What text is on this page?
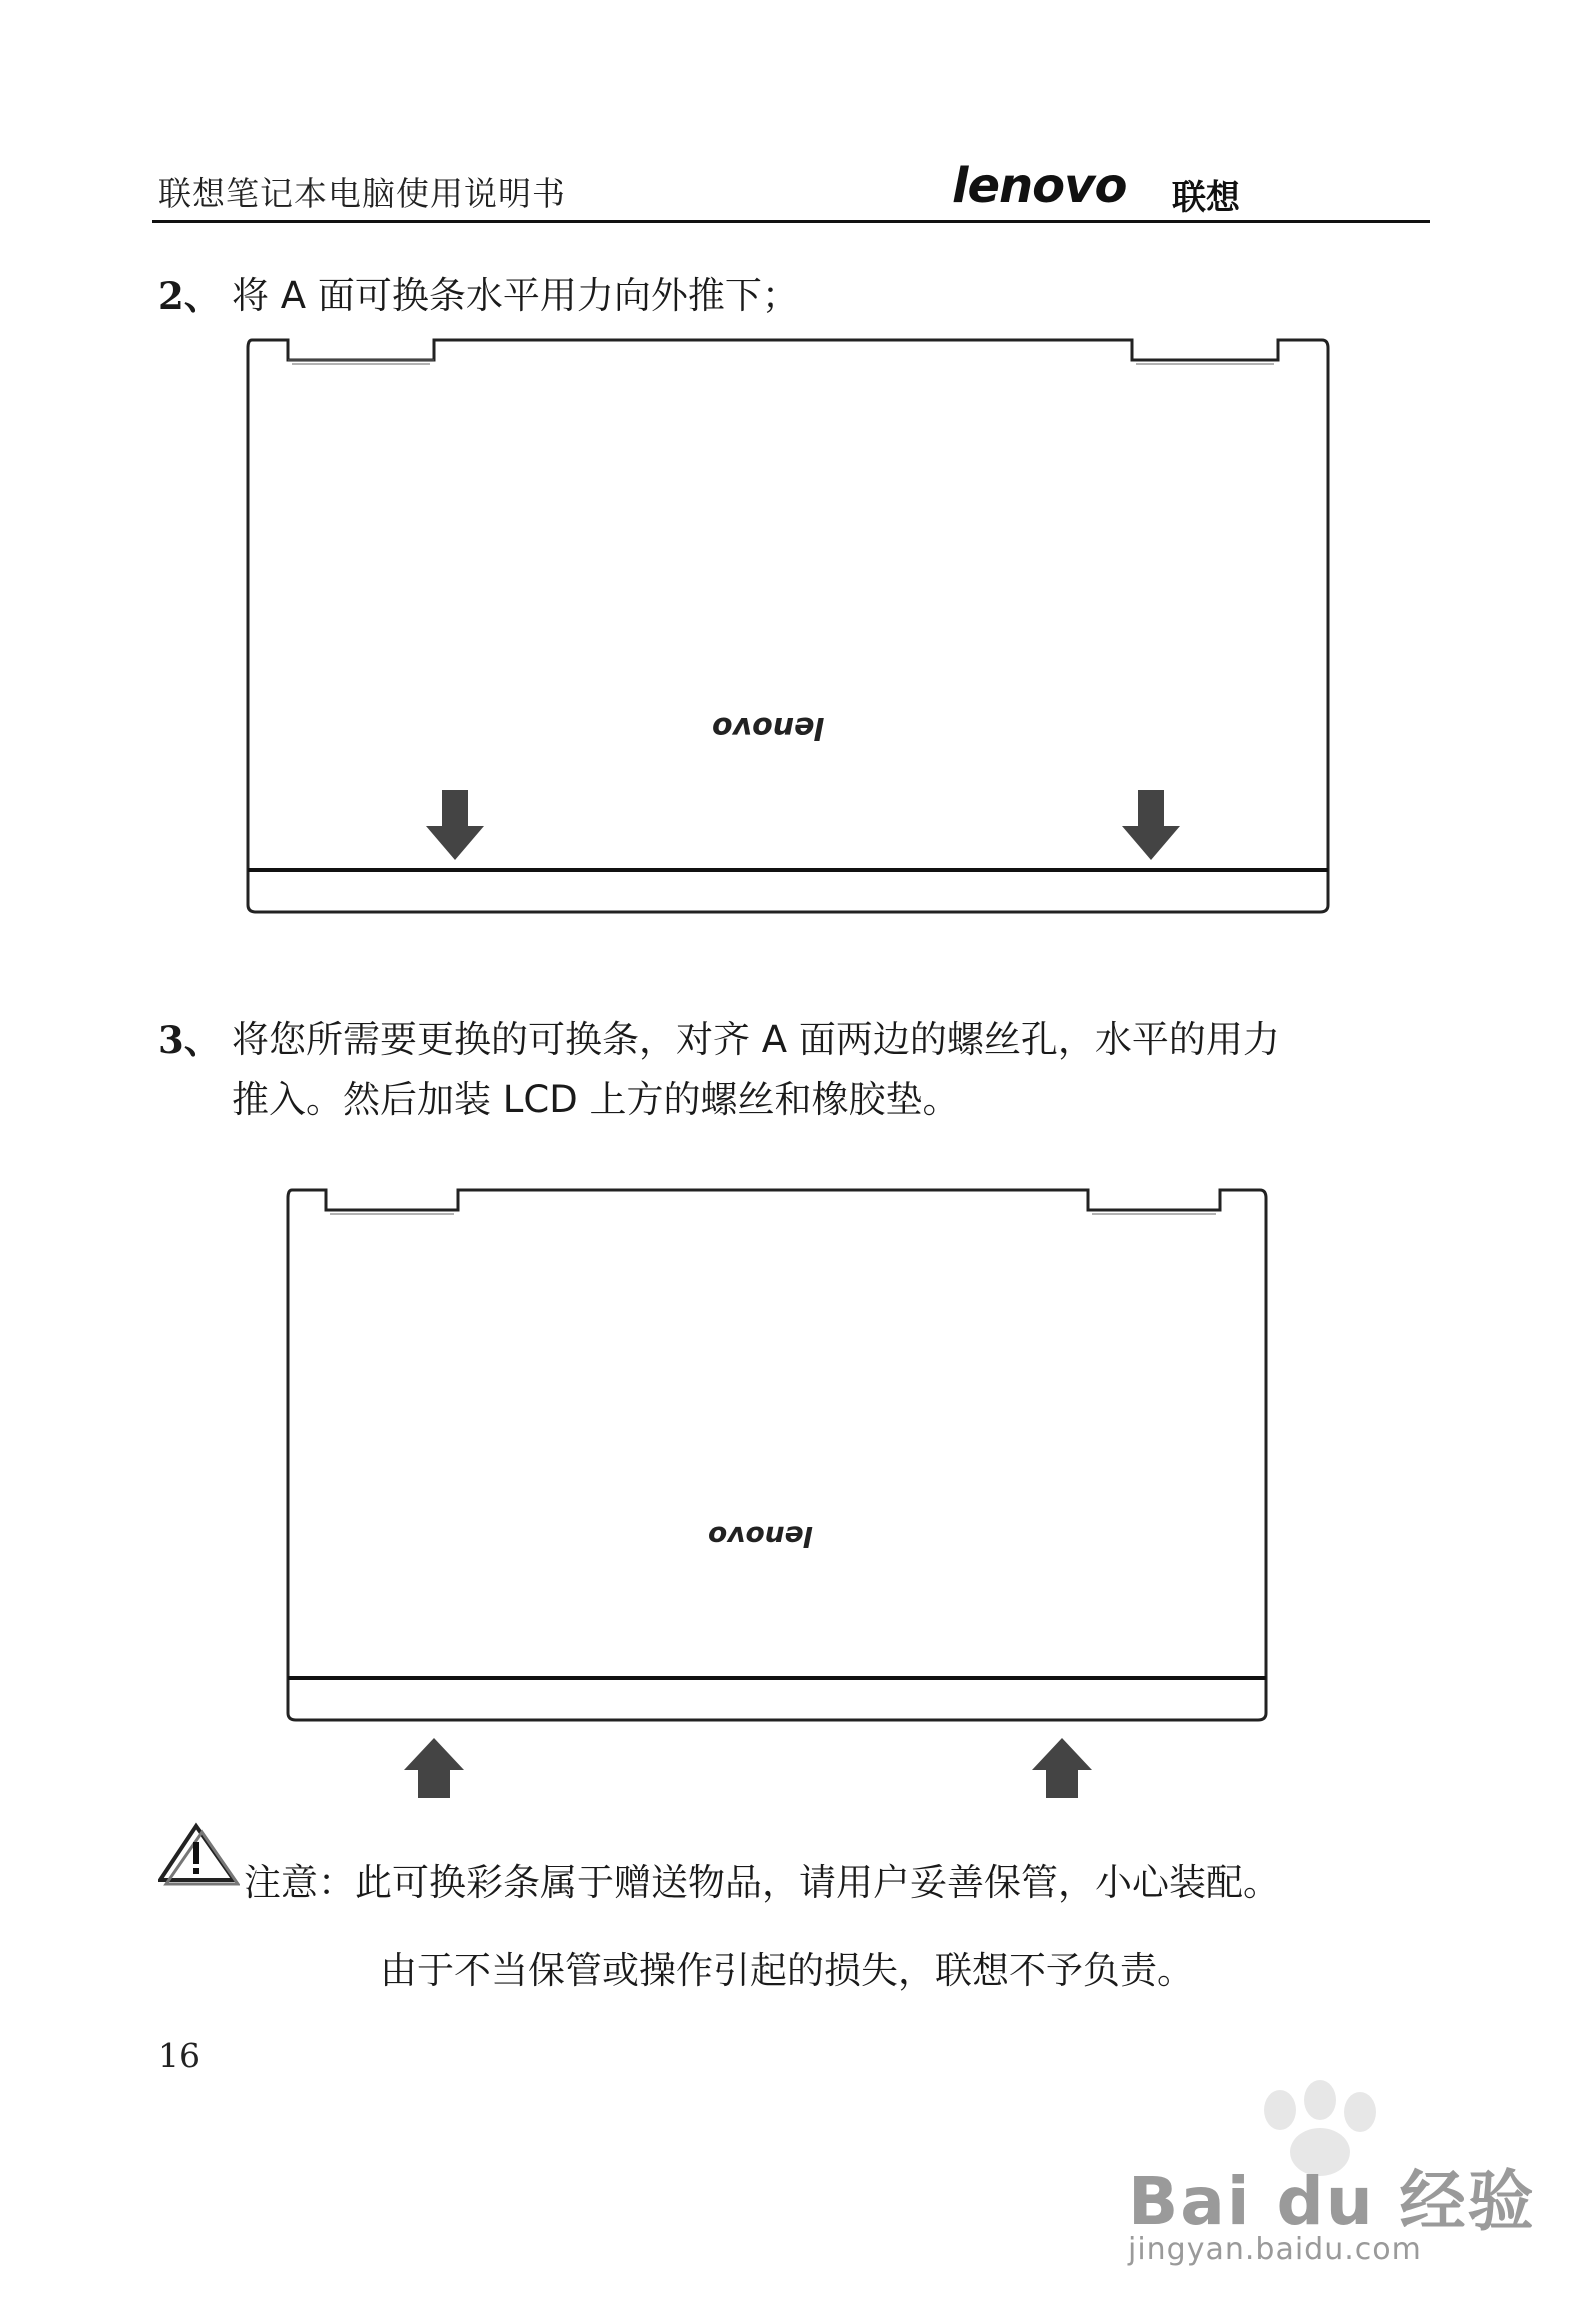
联想笔记本电脑使用说明书	lenovo 联想
2、 将 A 面可换条水平用力向外推下；
lenovo
3、 将您所需要更换的可换条，对齐 A 面两边的螺丝孔，水平的用力
推入。然后加装 LCD 上方的螺丝和橡胶垫。
lenovo
注意：此可换彩条属于赠送物品，请用户妥善保管，小心装配。
由于不当保管或操作引起的损失，联想不予负责。
16
Bai du 经验
jingyan.baidu.com
